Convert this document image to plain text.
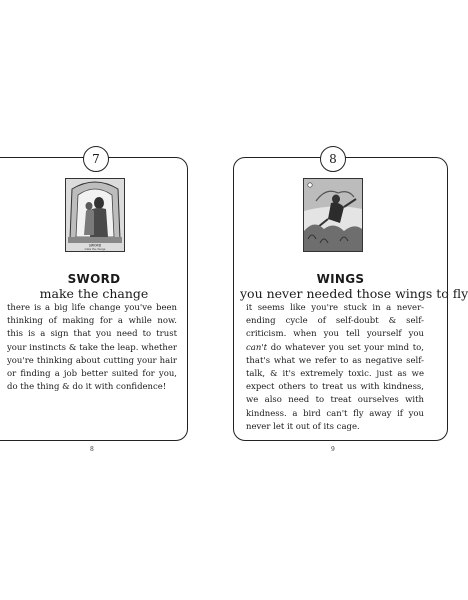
7
SWORD
make the change
SWORD
make the change
there is a big life change you've been thinking of making for a while now. this is a sign that you need to trust your instincts & take the leap. whether you're thinking about cutting your hair or finding a job better suited for you, do the thing & do it with confidence!
8
WINGS
you never needed those wings to fly
it seems like you're stuck in a never-ending cycle of self-doubt & self-criticism. when you tell yourself you can't do whatever you set your mind to, that's what we refer to as negative self-talk, & it's extremely toxic. just as we expect others to treat us with kindness, we also need to treat ourselves with kindness. a bird can't fly away if you never let it out of its cage.
8	9
